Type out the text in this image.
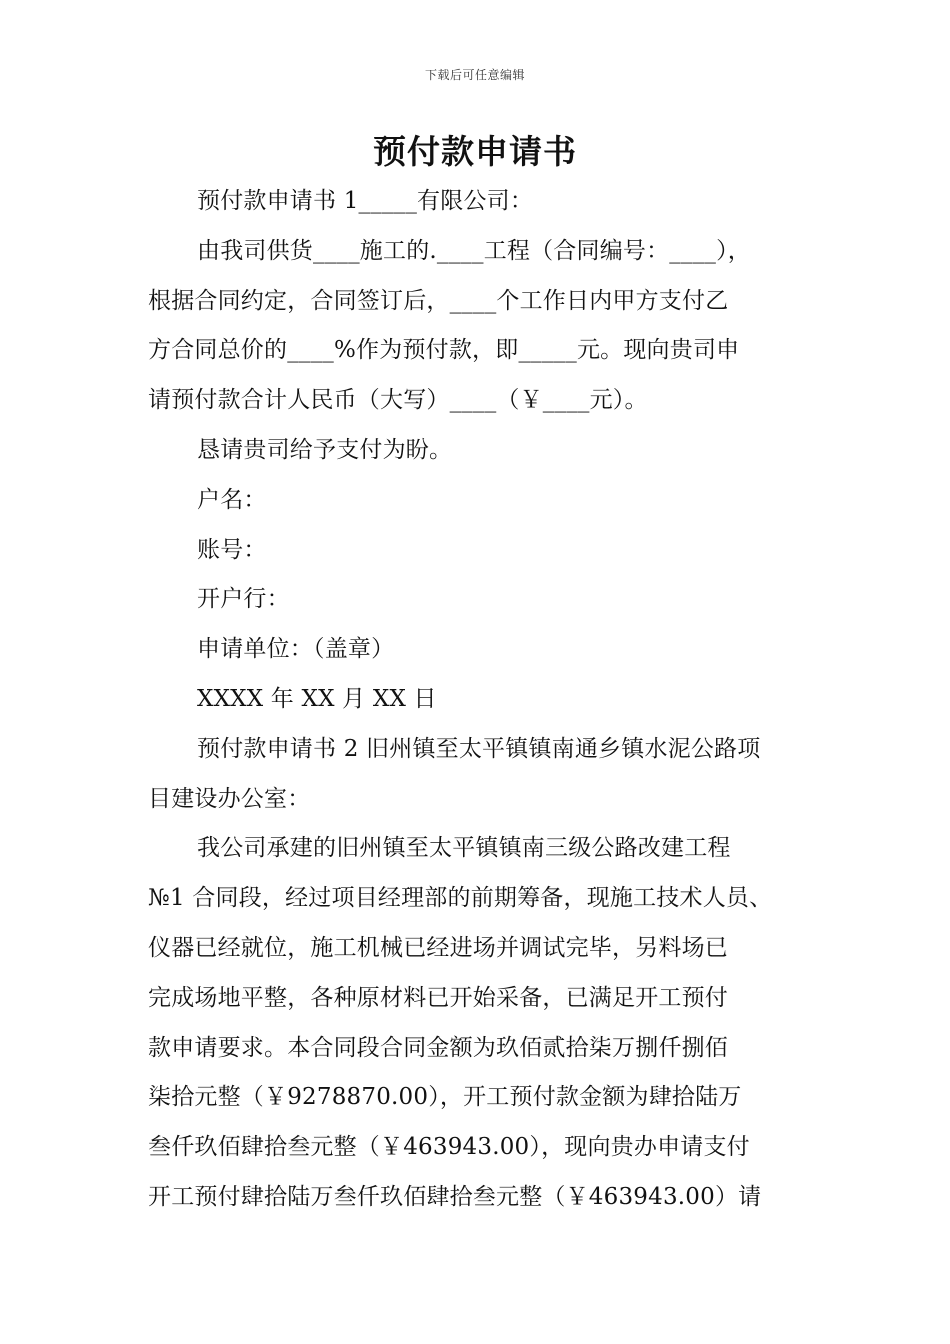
下载后可任意编辑
预付款申请书
预付款申请书 1_____有限公司：
由我司供货____施工的.____工程（合同编号：____），
根据合同约定，合同签订后，____个工作日内甲方支付乙
方合同总价的____%作为预付款，即_____元。现向贵司申
请预付款合计人民币（大写）____（￥____元）。
恳请贵司给予支付为盼。
户名：
账号：
开户行：
申请单位：（盖章）
XXXX 年 XX 月 XX 日
预付款申请书 2 旧州镇至太平镇镇南通乡镇水泥公路项
目建设办公室：
我公司承建的旧州镇至太平镇镇南三级公路改建工程
№1 合同段，经过项目经理部的前期筹备，现施工技术人员、
仪器已经就位，施工机械已经进场并调试完毕，另料场已
完成场地平整，各种原材料已开始采备，已满足开工预付
款申请要求。本合同段合同金额为玖佰贰拾柒万捌仟捌佰
柒拾元整（￥9278870.00），开工预付款金额为肆拾陆万
叁仟玖佰肆拾叁元整（￥463943.00），现向贵办申请支付
开工预付肆拾陆万叁仟玖佰肆拾叁元整（￥463943.00）请
